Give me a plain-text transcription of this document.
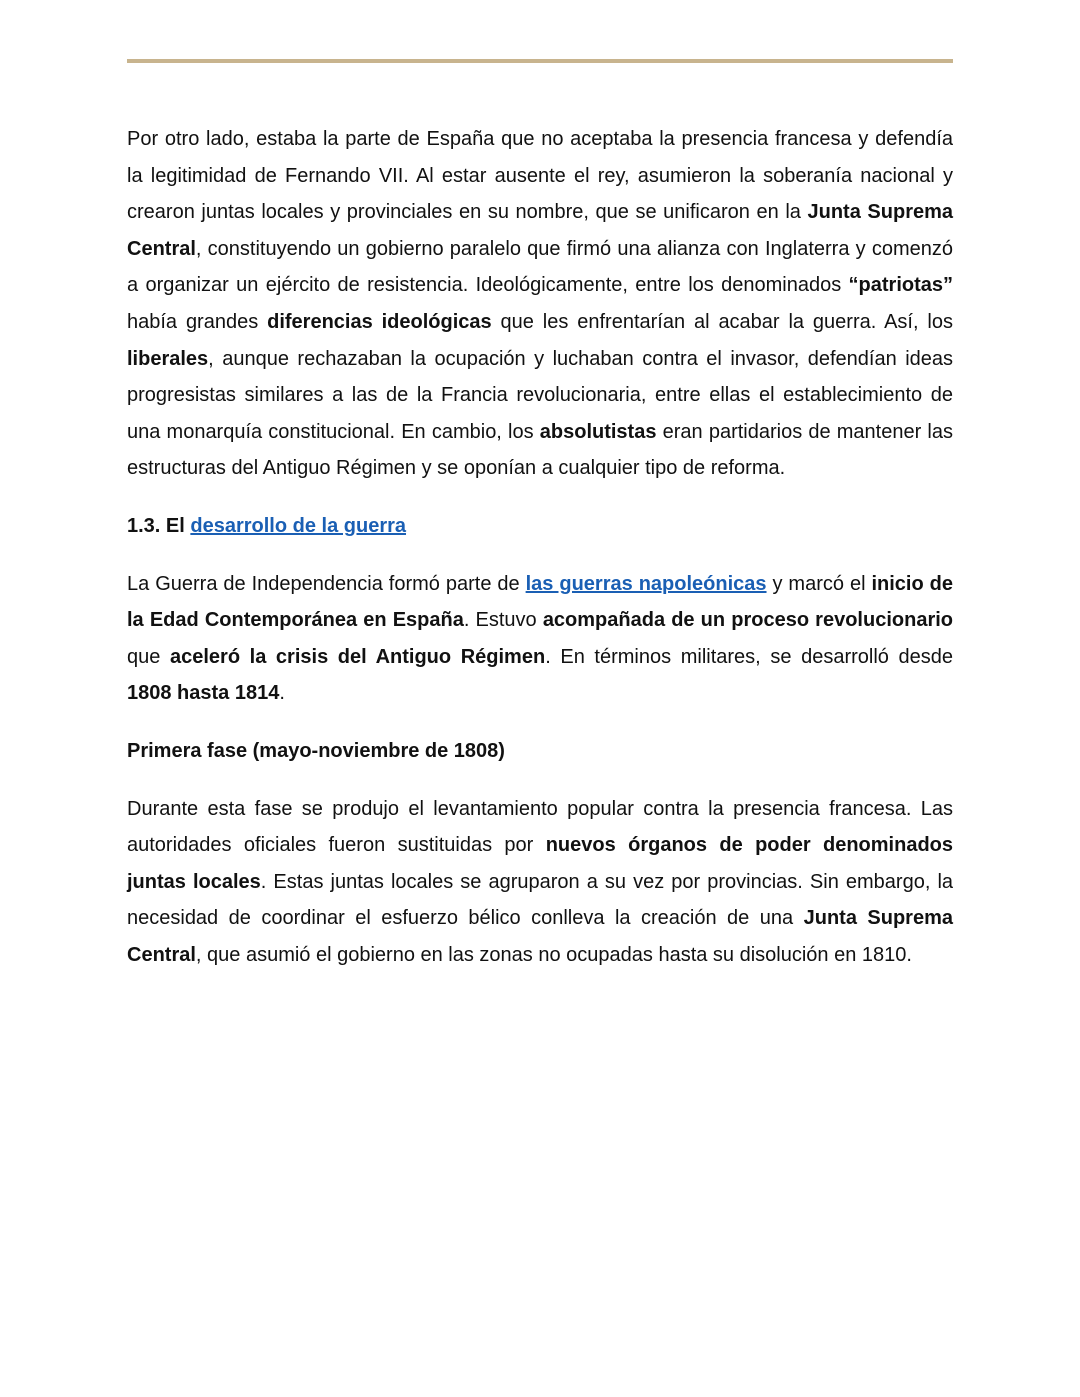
Por otro lado, estaba la parte de España que no aceptaba la presencia francesa y defendía la legitimidad de Fernando VII. Al estar ausente el rey, asumieron la soberanía nacional y crearon juntas locales y provinciales en su nombre, que se unificaron en la Junta Suprema Central, constituyendo un gobierno paralelo que firmó una alianza con Inglaterra y comenzó a organizar un ejército de resistencia. Ideológicamente, entre los denominados “patriotas” había grandes diferencias ideológicas que les enfrentarían al acabar la guerra. Así, los liberales, aunque rechazaban la ocupación y luchaban contra el invasor, defendían ideas progresistas similares a las de la Francia revolucionaria, entre ellas el establecimiento de una monarquía constitucional. En cambio, los absolutistas eran partidarios de mantener las estructuras del Antiguo Régimen y se oponían a cualquier tipo de reforma.

1.3. El desarrollo de la guerra

La Guerra de Independencia formó parte de las guerras napoleónicas y marcó el inicio de la Edad Contemporánea en España. Estuvo acompañada de un proceso revolucionario que aceleró la crisis del Antiguo Régimen. En términos militares, se desarrolló desde 1808 hasta 1814.

Primera fase (mayo-noviembre de 1808)

Durante esta fase se produjo el levantamiento popular contra la presencia francesa. Las autoridades oficiales fueron sustituidas por nuevos órganos de poder denominados juntas locales. Estas juntas locales se agruparon a su vez por provincias. Sin embargo, la necesidad de coordinar el esfuerzo bélico conlleva la creación de una Junta Suprema Central, que asumió el gobierno en las zonas no ocupadas hasta su disolución en 1810.
